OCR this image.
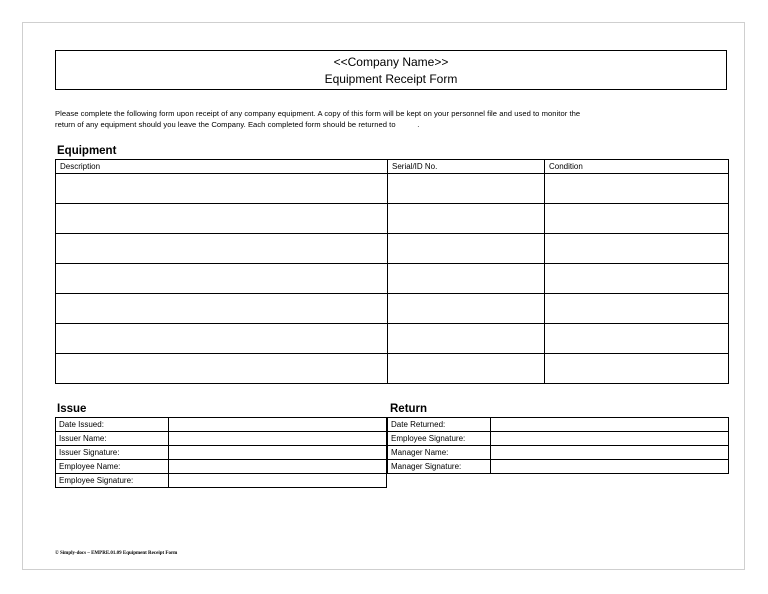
<<Company Name>>
Equipment Receipt Form
Please complete the following form upon receipt of any company equipment. A copy of this form will be kept on your personnel file and used to monitor the
return of any equipment should you leave the Company. Each completed form should be returned to          .
Equipment
Description	Serial/ID No.	Condition

Issue	Return
Date Issued:	
Issuer Name:	
Issuer Signature:	
Employee Name:	
Employee Signature:	
Date Returned:	
Employee Signature:	
Manager Name:	
Manager Signature:	
© Simply-docs – EMPRE.01.09 Equipment Receipt Form
